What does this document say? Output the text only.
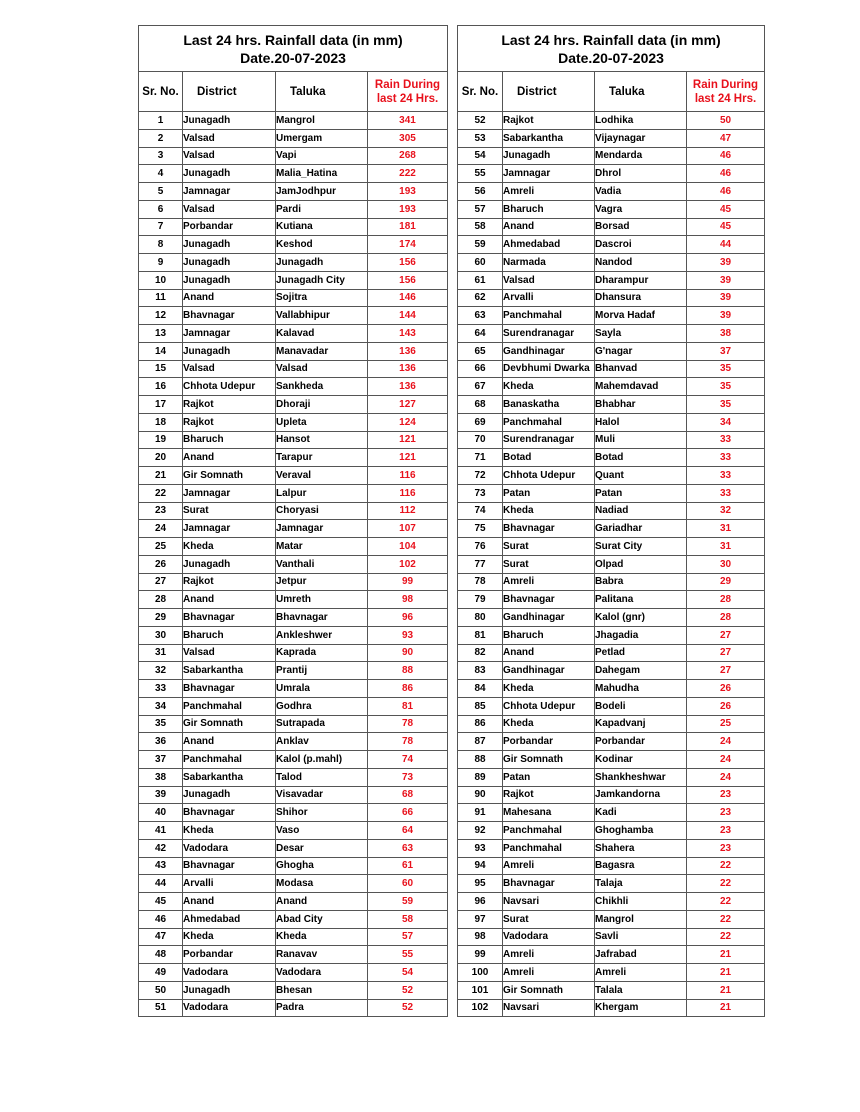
Last 24 hrs. Rainfall data (in mm)
Date.20-07-2023			

Sr. No.	District	Taluka	Rain During
last 24 Hrs.

1	Junagadh	Mangrol	341
2	Valsad	Umergam	305
3	Valsad	Vapi	268
4	Junagadh	Malia_Hatina	222
5	Jamnagar	JamJodhpur	193
6	Valsad	Pardi	193
7	Porbandar	Kutiana	181
8	Junagadh	Keshod	174
9	Junagadh	Junagadh	156
10	Junagadh	Junagadh City	156
11	Anand	Sojitra	146
12	Bhavnagar	Vallabhipur	144
13	Jamnagar	Kalavad	143
14	Junagadh	Manavadar	136
15	Valsad	Valsad	136
16	Chhota Udepur	Sankheda	136
17	Rajkot	Dhoraji	127
18	Rajkot	Upleta	124
19	Bharuch	Hansot	121
20	Anand	Tarapur	121
21	Gir Somnath	Veraval	116
22	Jamnagar	Lalpur	116
23	Surat	Choryasi	112
24	Jamnagar	Jamnagar	107
25	Kheda	Matar	104
26	Junagadh	Vanthali	102
27	Rajkot	Jetpur	99
28	Anand	Umreth	98
29	Bhavnagar	Bhavnagar	96
30	Bharuch	Ankleshwer	93
31	Valsad	Kaprada	90
32	Sabarkantha	Prantij	88
33	Bhavnagar	Umrala	86
34	Panchmahal	Godhra	81
35	Gir Somnath	Sutrapada	78
36	Anand	Anklav	78
37	Panchmahal	Kalol (p.mahl)	74
38	Sabarkantha	Talod	73
39	Junagadh	Visavadar	68
40	Bhavnagar	Shihor	66
41	Kheda	Vaso	64
42	Vadodara	Desar	63
43	Bhavnagar	Ghogha	61
44	Arvalli	Modasa	60
45	Anand	Anand	59
46	Ahmedabad	Abad City	58
47	Kheda	Kheda	57
48	Porbandar	Ranavav	55
49	Vadodara	Vadodara	54
50	Junagadh	Bhesan	52
51	Vadodara	Padra	52
Last 24 hrs. Rainfall data (in mm)
Date.20-07-2023			

Sr. No.	District	Taluka	Rain During
last 24 Hrs.

52	Rajkot	Lodhika	50
53	Sabarkantha	Vijaynagar	47
54	Junagadh	Mendarda	46
55	Jamnagar	Dhrol	46
56	Amreli	Vadia	46
57	Bharuch	Vagra	45
58	Anand	Borsad	45
59	Ahmedabad	Dascroi	44
60	Narmada	Nandod	39
61	Valsad	Dharampur	39
62	Arvalli	Dhansura	39
63	Panchmahal	Morva Hadaf	39
64	Surendranagar	Sayla	38
65	Gandhinagar	G'nagar	37
66	Devbhumi Dwarka	Bhanvad	35
67	Kheda	Mahemdavad	35
68	Banaskatha	Bhabhar	35
69	Panchmahal	Halol	34
70	Surendranagar	Muli	33
71	Botad	Botad	33
72	Chhota Udepur	Quant	33
73	Patan	Patan	33
74	Kheda	Nadiad	32
75	Bhavnagar	Gariadhar	31
76	Surat	Surat City	31
77	Surat	Olpad	30
78	Amreli	Babra	29
79	Bhavnagar	Palitana	28
80	Gandhinagar	Kalol (gnr)	28
81	Bharuch	Jhagadia	27
82	Anand	Petlad	27
83	Gandhinagar	Dahegam	27
84	Kheda	Mahudha	26
85	Chhota Udepur	Bodeli	26
86	Kheda	Kapadvanj	25
87	Porbandar	Porbandar	24
88	Gir Somnath	Kodinar	24
89	Patan	Shankheshwar	24
90	Rajkot	Jamkandorna	23
91	Mahesana	Kadi	23
92	Panchmahal	Ghoghamba	23
93	Panchmahal	Shahera	23
94	Amreli	Bagasra	22
95	Bhavnagar	Talaja	22
96	Navsari	Chikhli	22
97	Surat	Mangrol	22
98	Vadodara	Savli	22
99	Amreli	Jafrabad	21
100	Amreli	Amreli	21
101	Gir Somnath	Talala	21
102	Navsari	Khergam	21
